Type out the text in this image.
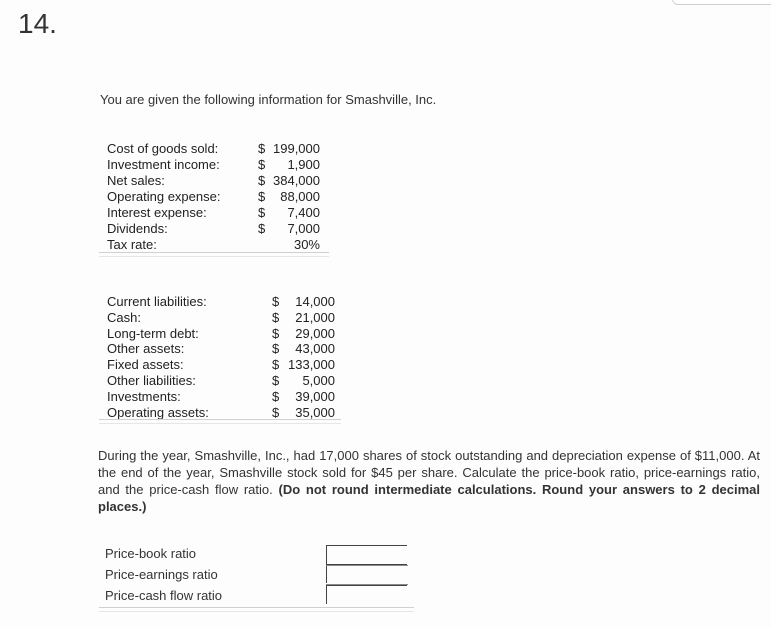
14.
You are given the following information for Smashville, Inc.
Cost of goods sold:	$ 199,000
Investment income:	$	1,900
Net sales:	$ 384,000
Operating expense:	$	88,000
Interest expense:	$	7,400
Dividends:	$	7,000
Tax rate:	30%
Current liabilities:	$	14,000
Cash:	$	21,000
Long-term debt:	$	29,000
Other assets:	$	43,000
Fixed assets:	$ 133,000
Other liabilities:	$	5,000
Investments:	$	39,000
Operating assets:	$	35,000
During the year, Smashville, Inc., had 17,000 shares of stock outstanding and depreciation expense of $11,000. At the end of the year, Smashville stock sold for $45 per share. Calculate the price-book ratio, price-earnings ratio, and the price-cash flow ratio. (Do not round intermediate calculations. Round your answers to 2 decimal places.)
Price-book ratio
Price-earnings ratio
Price-cash flow ratio
